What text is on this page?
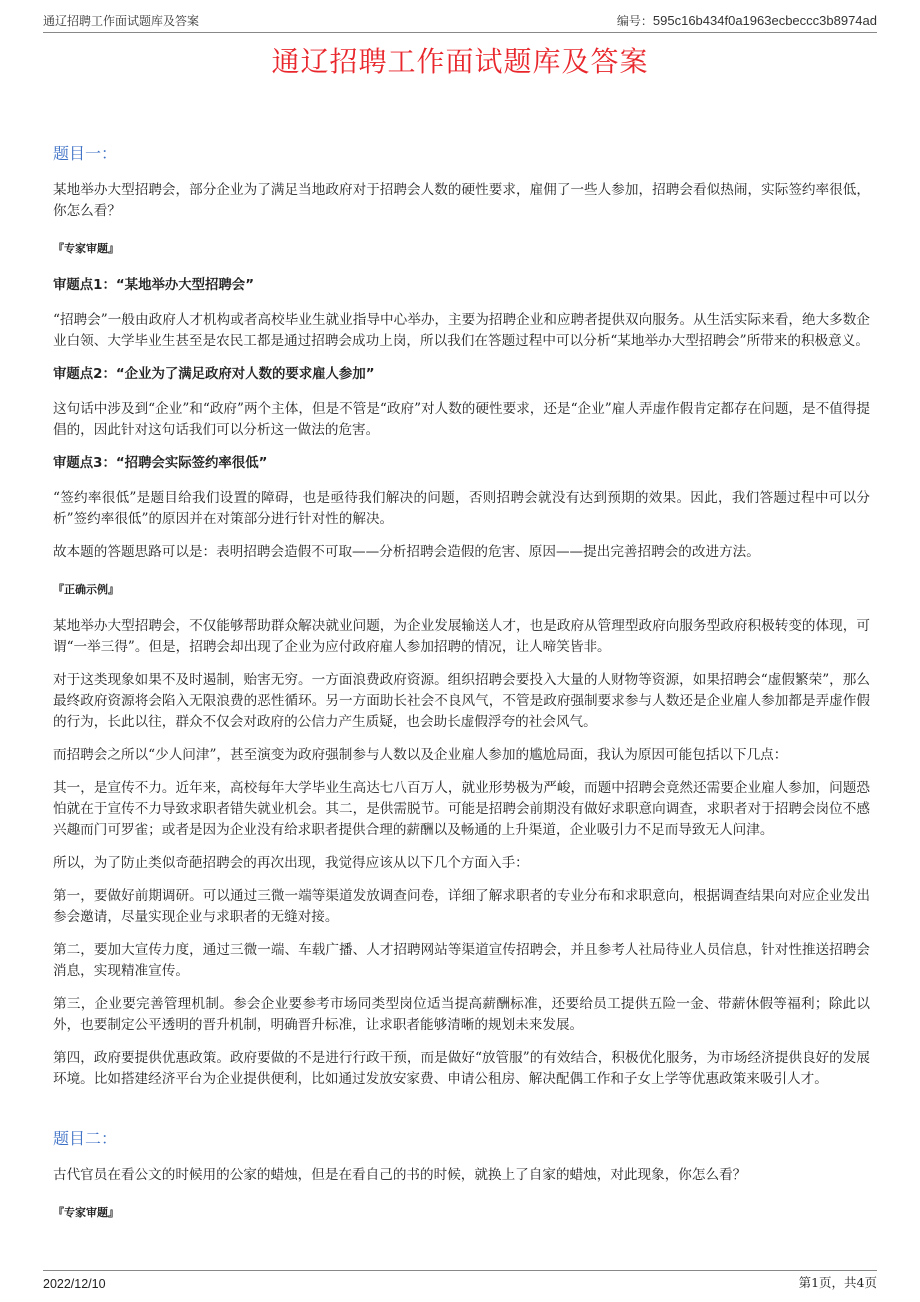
通辽招聘工作面试题库及答案	编号：595c16b434f0a1963ecbeccc3b8974ad
通辽招聘工作面试题库及答案
题目一：

某地举办大型招聘会，部分企业为了满足当地政府对于招聘会人数的硬性要求，雇佣了一些人参加，招聘会看似热闹，实际签约率很低，你怎么看？

『专家审题』
审题点1：“某地举办大型招聘会”

“招聘会”一般由政府人才机构或者高校毕业生就业指导中心举办，主要为招聘企业和应聘者提供双向服务。从生活实际来看，绝大多数企业白领、大学毕业生甚至是农民工都是通过招聘会成功上岗，所以我们在答题过程中可以分析“某地举办大型招聘会”所带来的积极意义。

审题点2：“企业为了满足政府对人数的要求雇人参加”

这句话中涉及到“企业”和“政府”两个主体，但是不管是“政府”对人数的硬性要求，还是“企业”雇人弄虚作假肯定都存在问题，是不值得提倡的，因此针对这句话我们可以分析这一做法的危害。

审题点3：“招聘会实际签约率很低”

“签约率很低”是题目给我们设置的障碍，也是亟待我们解决的问题，否则招聘会就没有达到预期的效果。因此，我们答题过程中可以分析”签约率很低”的原因并在对策部分进行针对性的解决。

故本题的答题思路可以是：表明招聘会造假不可取——分析招聘会造假的危害、原因——提出完善招聘会的改进方法。

『正确示例』

某地举办大型招聘会，不仅能够帮助群众解决就业问题，为企业发展输送人才，也是政府从管理型政府向服务型政府积极转变的体现，可谓“一举三得”。但是，招聘会却出现了企业为应付政府雇人参加招聘的情况，让人啼笑皆非。

对于这类现象如果不及时遏制，贻害无穷。一方面浪费政府资源。组织招聘会要投入大量的人财物等资源，如果招聘会“虚假繁荣”，那么最终政府资源将会陷入无限浪费的恶性循环。另一方面助长社会不良风气，不管是政府强制要求参与人数还是企业雇人参加都是弄虚作假的行为，长此以往，群众不仅会对政府的公信力产生质疑，也会助长虚假浮夸的社会风气。

而招聘会之所以“少人问津”，甚至演变为政府强制参与人数以及企业雇人参加的尴尬局面，我认为原因可能包括以下几点：

其一，是宣传不力。近年来，高校每年大学毕业生高达七八百万人，就业形势极为严峻，而题中招聘会竟然还需要企业雇人参加，问题恐怕就在于宣传不力导致求职者错失就业机会。其二，是供需脱节。可能是招聘会前期没有做好求职意向调查，求职者对于招聘会岗位不感兴趣而门可罗雀；或者是因为企业没有给求职者提供合理的薪酬以及畅通的上升渠道，企业吸引力不足而导致无人问津。

所以，为了防止类似奇葩招聘会的再次出现，我觉得应该从以下几个方面入手：

第一，要做好前期调研。可以通过三微一端等渠道发放调查问卷，详细了解求职者的专业分布和求职意向，根据调查结果向对应企业发出参会邀请，尽量实现企业与求职者的无缝对接。

第二，要加大宣传力度，通过三微一端、车载广播、人才招聘网站等渠道宣传招聘会，并且参考人社局待业人员信息，针对性推送招聘会消息，实现精准宣传。

第三，企业要完善管理机制。参会企业要参考市场同类型岗位适当提高薪酬标准，还要给员工提供五险一金、带薪休假等福利；除此以外，也要制定公平透明的晋升机制，明确晋升标准，让求职者能够清晰的规划未来发展。

第四，政府要提供优惠政策。政府要做的不是进行行政干预，而是做好“放管服”的有效结合，积极优化服务，为市场经济提供良好的发展环境。比如搭建经济平台为企业提供便利，比如通过发放安家费、申请公租房、解决配偶工作和子女上学等优惠政策来吸引人才。

题目二：

古代官员在看公文的时候用的公家的蜡烛，但是在看自己的书的时候，就换上了自家的蜡烛，对此现象，你怎么看？

『专家审题』
2022/12/10	第1页，共4页
